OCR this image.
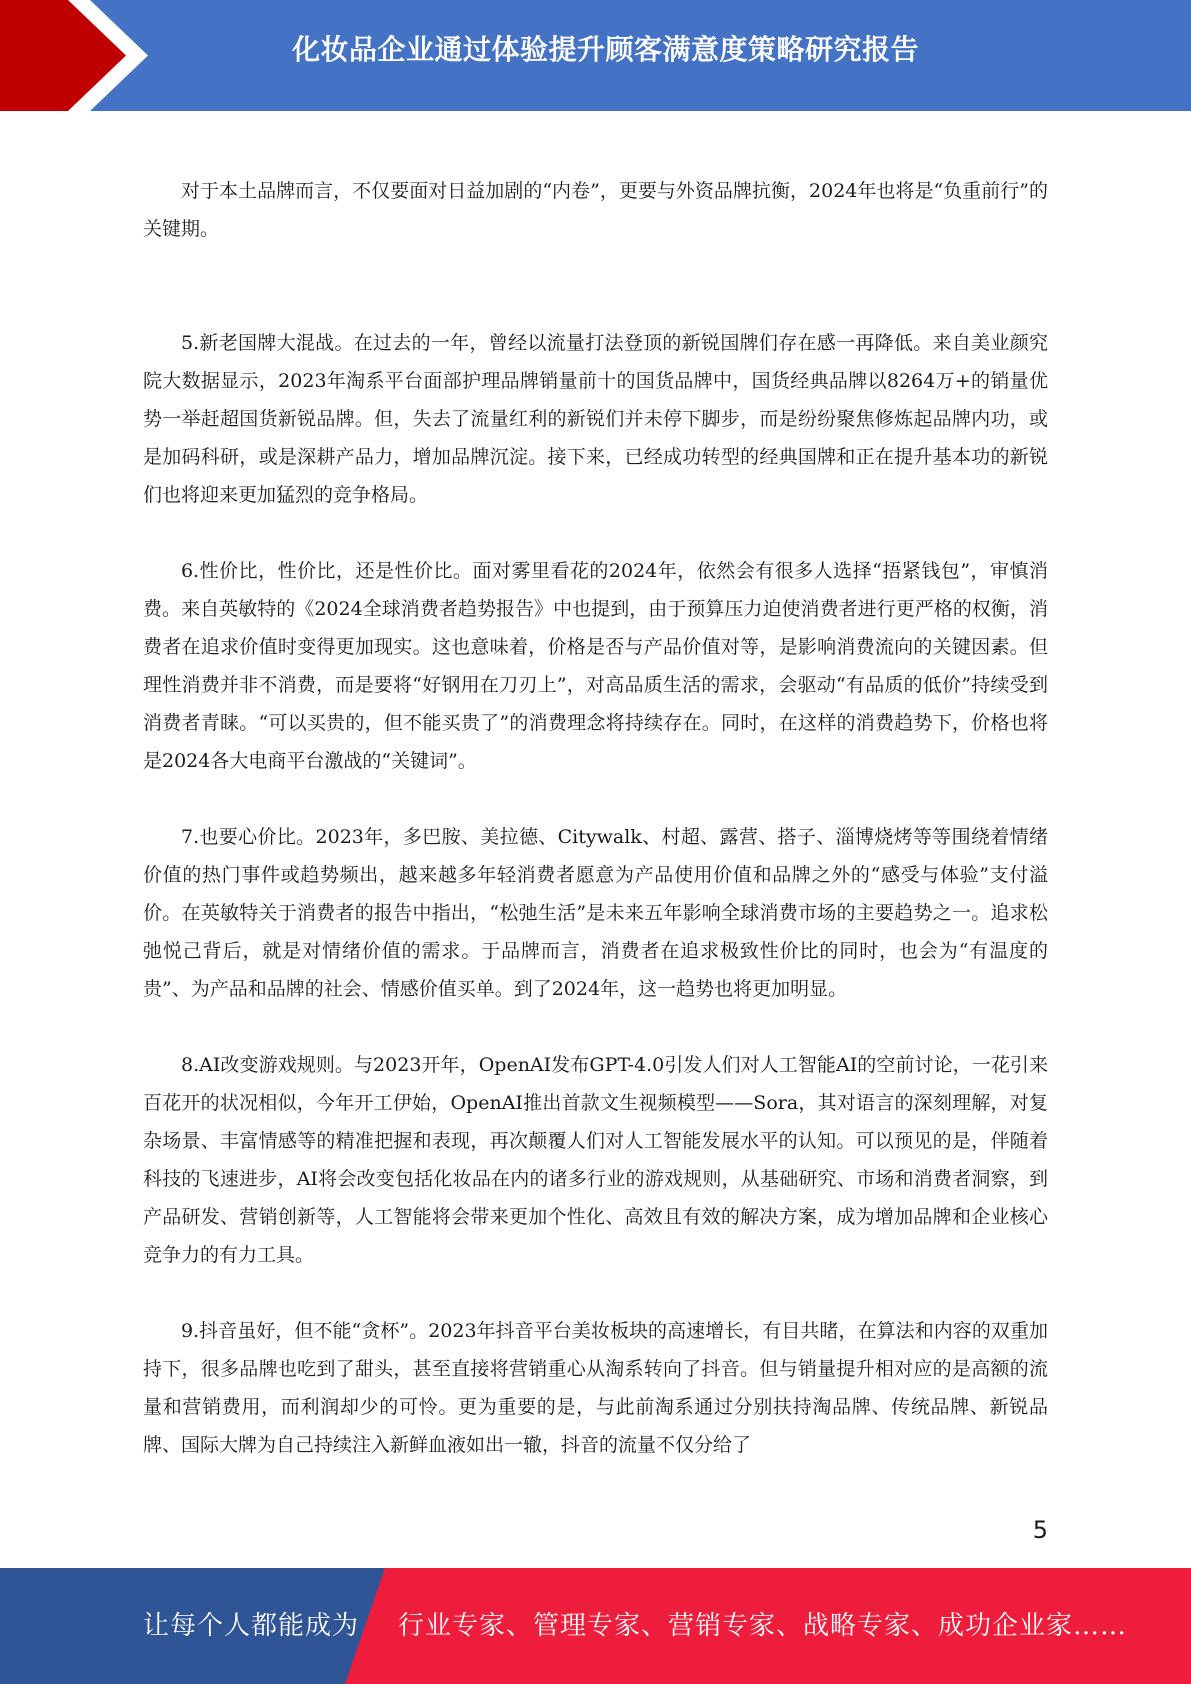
化妆品企业通过体验提升顾客满意度策略研究报告

对于本土品牌而言，不仅要面对日益加剧的“内卷”，更要与外资品牌抗衡，2024年也将是“负重前行”的关键期。

5.新老国牌大混战。在过去的一年，曾经以流量打法登顶的新锐国牌们存在感一再降低。来自美业颜究院大数据显示，2023年淘系平台面部护理品牌销量前十的国货品牌中，国货经典品牌以8264万+的销量优势一举赶超国货新锐品牌。但，失去了流量红利的新锐们并未停下脚步，而是纷纷聚焦修炼起品牌内功，或是加码科研，或是深耕产品力，增加品牌沉淀。接下来，已经成功转型的经典国牌和正在提升基本功的新锐们也将迎来更加猛烈的竞争格局。

6.性价比，性价比，还是性价比。面对雾里看花的2024年，依然会有很多人选择“捂紧钱包”，审慎消费。来自英敏特的《2024全球消费者趋势报告》中也提到，由于预算压力迫使消费者进行更严格的权衡，消费者在追求价值时变得更加现实。这也意味着，价格是否与产品价值对等，是影响消费流向的关键因素。但理性消费并非不消费，而是要将“好钢用在刀刃上”，对高品质生活的需求，会驱动“有品质的低价”持续受到消费者青睐。“可以买贵的，但不能买贵了”的消费理念将持续存在。同时，在这样的消费趋势下，价格也将是2024各大电商平台激战的“关键词”。

7.也要心价比。2023年，多巴胺、美拉德、Citywalk、村超、露营、搭子、淄博烧烤等等围绕着情绪价值的热门事件或趋势频出，越来越多年轻消费者愿意为产品使用价值和品牌之外的“感受与体验”支付溢价。在英敏特关于消费者的报告中指出，“松弛生活”是未来五年影响全球消费市场的主要趋势之一。追求松弛悦己背后，就是对情绪价值的需求。于品牌而言，消费者在追求极致性价比的同时，也会为“有温度的贵”、为产品和品牌的社会、情感价值买单。到了2024年，这一趋势也将更加明显。

8.AI改变游戏规则。与2023开年，OpenAI发布GPT-4.0引发人们对人工智能AI的空前讨论，一花引来百花开的状况相似，今年开工伊始，OpenAI推出首款文生视频模型——Sora，其对语言的深刻理解，对复杂场景、丰富情感等的精准把握和表现，再次颠覆人们对人工智能发展水平的认知。可以预见的是，伴随着科技的飞速进步，AI将会改变包括化妆品在内的诸多行业的游戏规则，从基础研究、市场和消费者洞察，到产品研发、营销创新等，人工智能将会带来更加个性化、高效且有效的解决方案，成为增加品牌和企业核心竞争力的有力工具。

9.抖音虽好，但不能“贪杯”。2023年抖音平台美妆板块的高速增长，有目共睹，在算法和内容的双重加持下，很多品牌也吃到了甜头，甚至直接将营销重心从淘系转向了抖音。但与销量提升相对应的是高额的流量和营销费用，而利润却少的可怜。更为重要的是，与此前淘系通过分别扶持淘品牌、传统品牌、新锐品牌、国际大牌为自己持续注入新鲜血液如出一辙，抖音的流量不仅分给了

5
让每个人都能成为 行业专家、管理专家、营销专家、战略专家、成功企业家……
